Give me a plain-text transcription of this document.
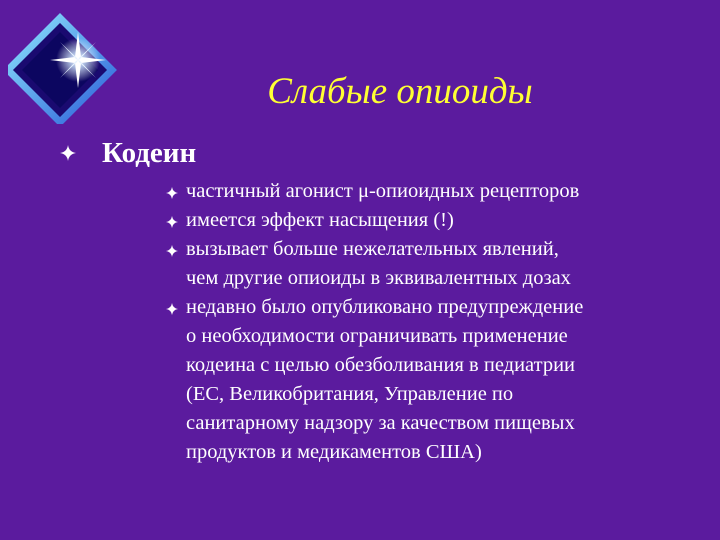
Слабые опиоиды
Кодеин
частичный агонист μ-опиоидных рецепторов
имеется эффект насыщения (!)
вызывает больше нежелательных явлений,
чем другие опиоиды в эквивалентных дозах
недавно было опубликовано предупреждение
о необходимости ограничивать применение
кодеина с целью обезболивания в педиатрии
(ЕС, Великобритания, Управление по
санитарному надзору за качеством пищевых
продуктов и медикаментов США)
